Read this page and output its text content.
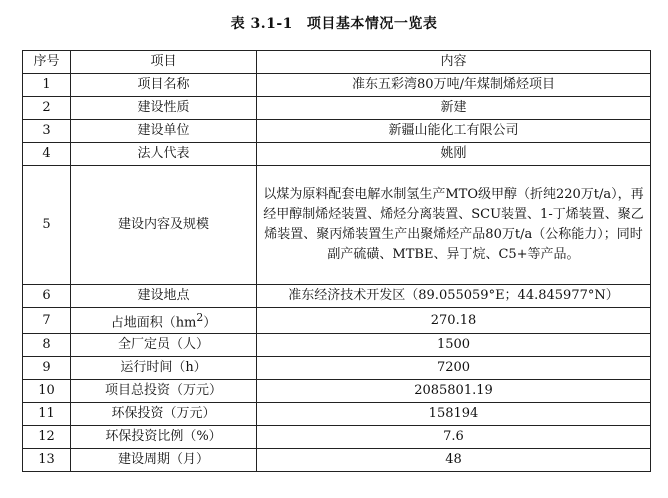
表 3.1-1 项目基本情况一览表
序号	项目	内容
1	项目名称	准东五彩湾80万吨/年煤制烯烃项目
2	建设性质	新建
3	建设单位	新疆山能化工有限公司
4	法人代表	姚刚
5	建设内容及规模	以煤为原料配套电解水制氢生产MTO级甲醇（折纯220万t/a），再经甲醇制烯烃装置、烯烃分离装置、SCU装置、1-丁烯装置、聚乙烯装置、聚丙烯装置生产出聚烯烃产品80万t/a（公称能力）；同时副产硫磺、MTBE、异丁烷、C5+等产品。
6	建设地点	准东经济技术开发区（89.055059°E；44.845977°N）
7	占地面积$(hm^2)$	270.18
8	全厂定员（人）	1500
9	运行时间（h）	7200
10	项目总投资（万元）	2085801.19
11	环保投资（万元）	158194
12	环保投资比例（%）	7.6
13	建设周期（月）	48
